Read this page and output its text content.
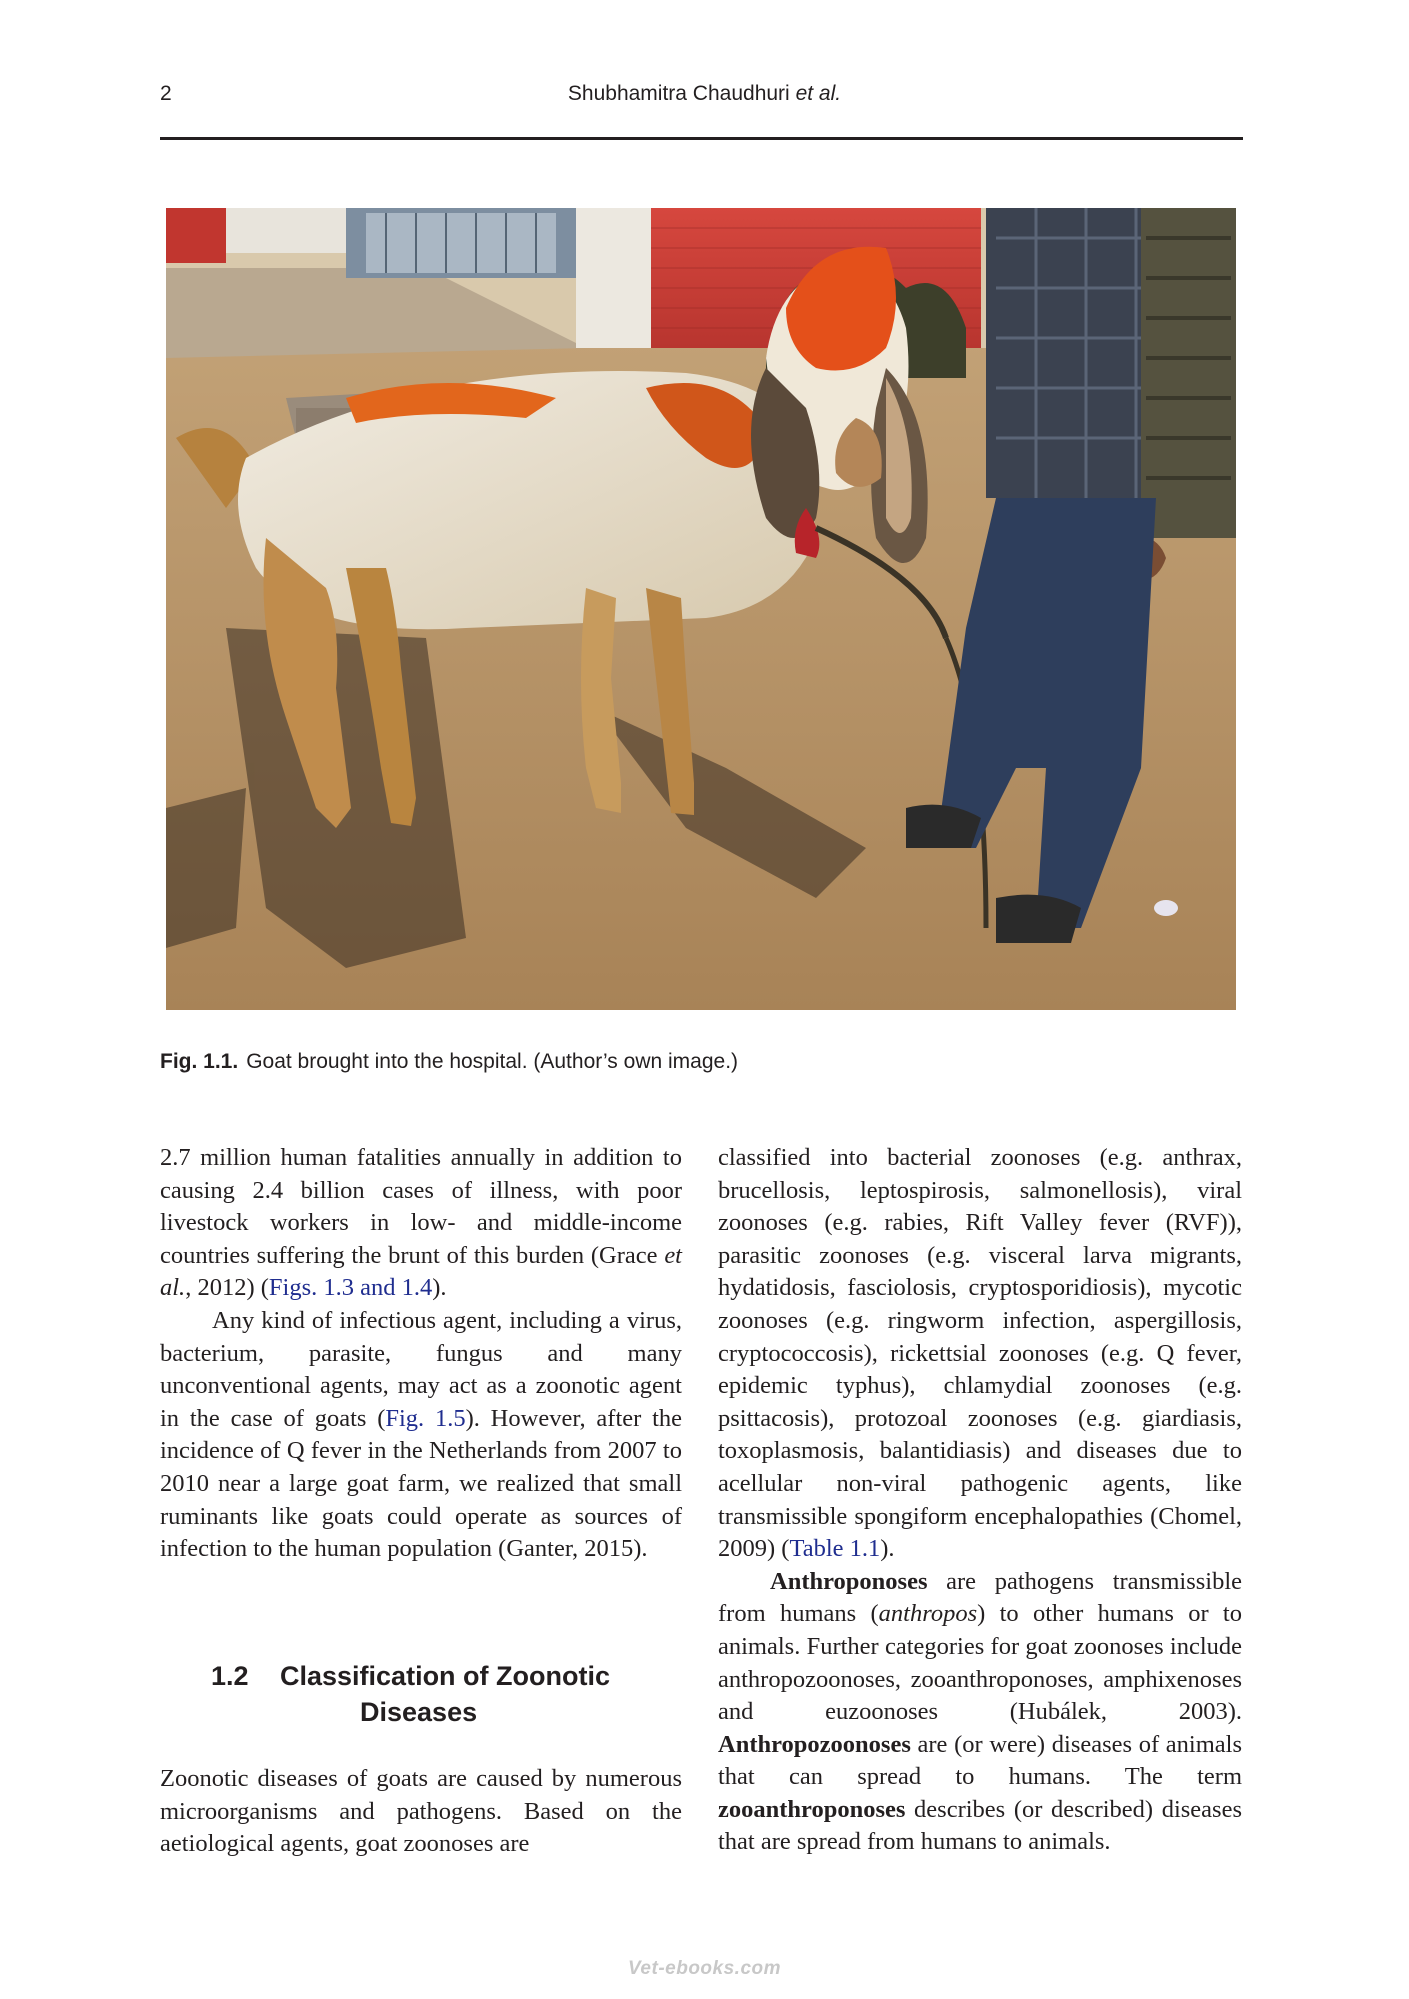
2	Shubhamitra Chaudhuri et al.
Fig. 1.1. Goat brought into the hospital. (Author’s own image.)

2.7 million human fatalities annually in addition to causing 2.4 billion cases of illness, with poor livestock workers in low- and middle-income countries suffering the brunt of this burden (Grace et al., 2012) (Figs. 1.3 and 1.4).

Any kind of infectious agent, including a virus, bacterium, parasite, fungus and many unconventional agents, may act as a zoonotic agent in the case of goats (Fig. 1.5). However, after the incidence of Q fever in the Netherlands from 2007 to 2010 near a large goat farm, we realized that small ruminants like goats could operate as sources of infection to the human population (Ganter, 2015).

1.2 Classification of Zoonotic
Diseases

Zoonotic diseases of goats are caused by numerous microorganisms and pathogens. Based on the aetiological agents, goat zoonoses are

classified into bacterial zoonoses (e.g. anthrax, brucellosis, leptospirosis, salmonellosis), viral zoonoses (e.g. rabies, Rift Valley fever (RVF)), parasitic zoonoses (e.g. visceral larva migrants, hydatidosis, fasciolosis, cryptosporidiosis), mycotic zoonoses (e.g. ringworm infection, aspergillosis, cryptococcosis), rickettsial zoonoses (e.g. Q fever, epidemic typhus), chlamydial zoonoses (e.g. psittacosis), protozoal zoonoses (e.g. giardiasis, toxoplasmosis, balantidiasis) and diseases due to acellular non-viral pathogenic agents, like transmissible spongiform encephalopathies (Chomel, 2009) (Table 1.1).

Anthroponoses are pathogens transmissible from humans (anthropos) to other humans or to animals. Further categories for goat zoonoses include anthropozoonoses, zooanthroponoses, amphixenoses and euzoonoses (Hubálek, 2003). Anthropozoonoses are (or were) diseases of animals that can spread to humans. The term zooanthroponoses describes (or described) diseases that are spread from humans to animals.

Vet-ebooks.com
